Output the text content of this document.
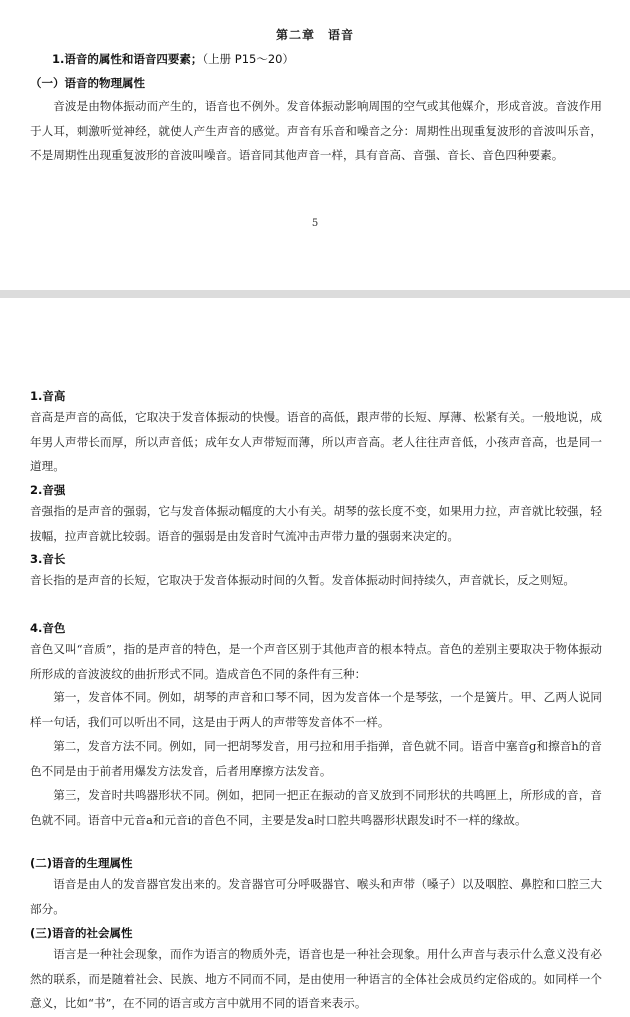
第二章　语音
1.语音的属性和语音四要素；（上册 P15～20）
（一）语音的物理属性
音波是由物体振动而产生的，语音也不例外。发音体振动影响周围的空气或其他媒介，形成音波。音波作用于人耳，刺激听觉神经，就使人产生声音的感觉。声音有乐音和噪音之分：周期性出现重复波形的音波叫乐音，不是周期性出现重复波形的音波叫噪音。语音同其他声音一样，具有音高、音强、音长、音色四种要素。
5
1.音高
音高是声音的高低，它取决于发音体振动的快慢。语音的高低，跟声带的长短、厚薄、松紧有关。一般地说，成年男人声带长而厚，所以声音低；成年女人声带短而薄，所以声音高。老人往往声音低，小孩声音高，也是同一道理。
2.音强
音强指的是声音的强弱，它与发音体振动幅度的大小有关。胡琴的弦长度不变，如果用力拉，声音就比较强，轻拔幅，拉声音就比较弱。语音的强弱是由发音时气流冲击声带力量的强弱来决定的。
3.音长
音长指的是声音的长短，它取决于发音体振动时间的久暂。发音体振动时间持续久，声音就长，反之则短。
4.音色
音色又叫“音质”，指的是声音的特色，是一个声音区别于其他声音的根本特点。音色的差别主要取决于物体振动所形成的音波波纹的曲折形式不同。造成音色不同的条件有三种：
第一，发音体不同。例如，胡琴的声音和口琴不同，因为发音体一个是琴弦，一个是簧片。甲、乙两人说同样一句话，我们可以听出不同，这是由于两人的声带等发音体不一样。
第二，发音方法不同。例如，同一把胡琴发音，用弓拉和用手指弹，音色就不同。语音中塞音g和擦音h的音色不同是由于前者用爆发方法发音，后者用摩擦方法发音。
第三，发音时共鸣器形状不同。例如，把同一把正在振动的音叉放到不同形状的共鸣匣上，所形成的音，音色就不同。语音中元音a和元音i的音色不同，主要是发a时口腔共鸣器形状跟发i时不一样的缘故。
(二)语音的生理属性
语音是由人的发音器官发出来的。发音器官可分呼吸器官、喉头和声带（嗓子）以及咽腔、鼻腔和口腔三大部分。
(三)语音的社会属性
语言是一种社会现象，而作为语言的物质外壳，语音也是一种社会现象。用什么声音与表示什么意义没有必然的联系，而是随着社会、民族、地方不同而不同，是由使用一种语言的全体社会成员约定俗成的。如同样一个意义，比如“书”，在不同的语言或方言中就用不同的语音来表示。
